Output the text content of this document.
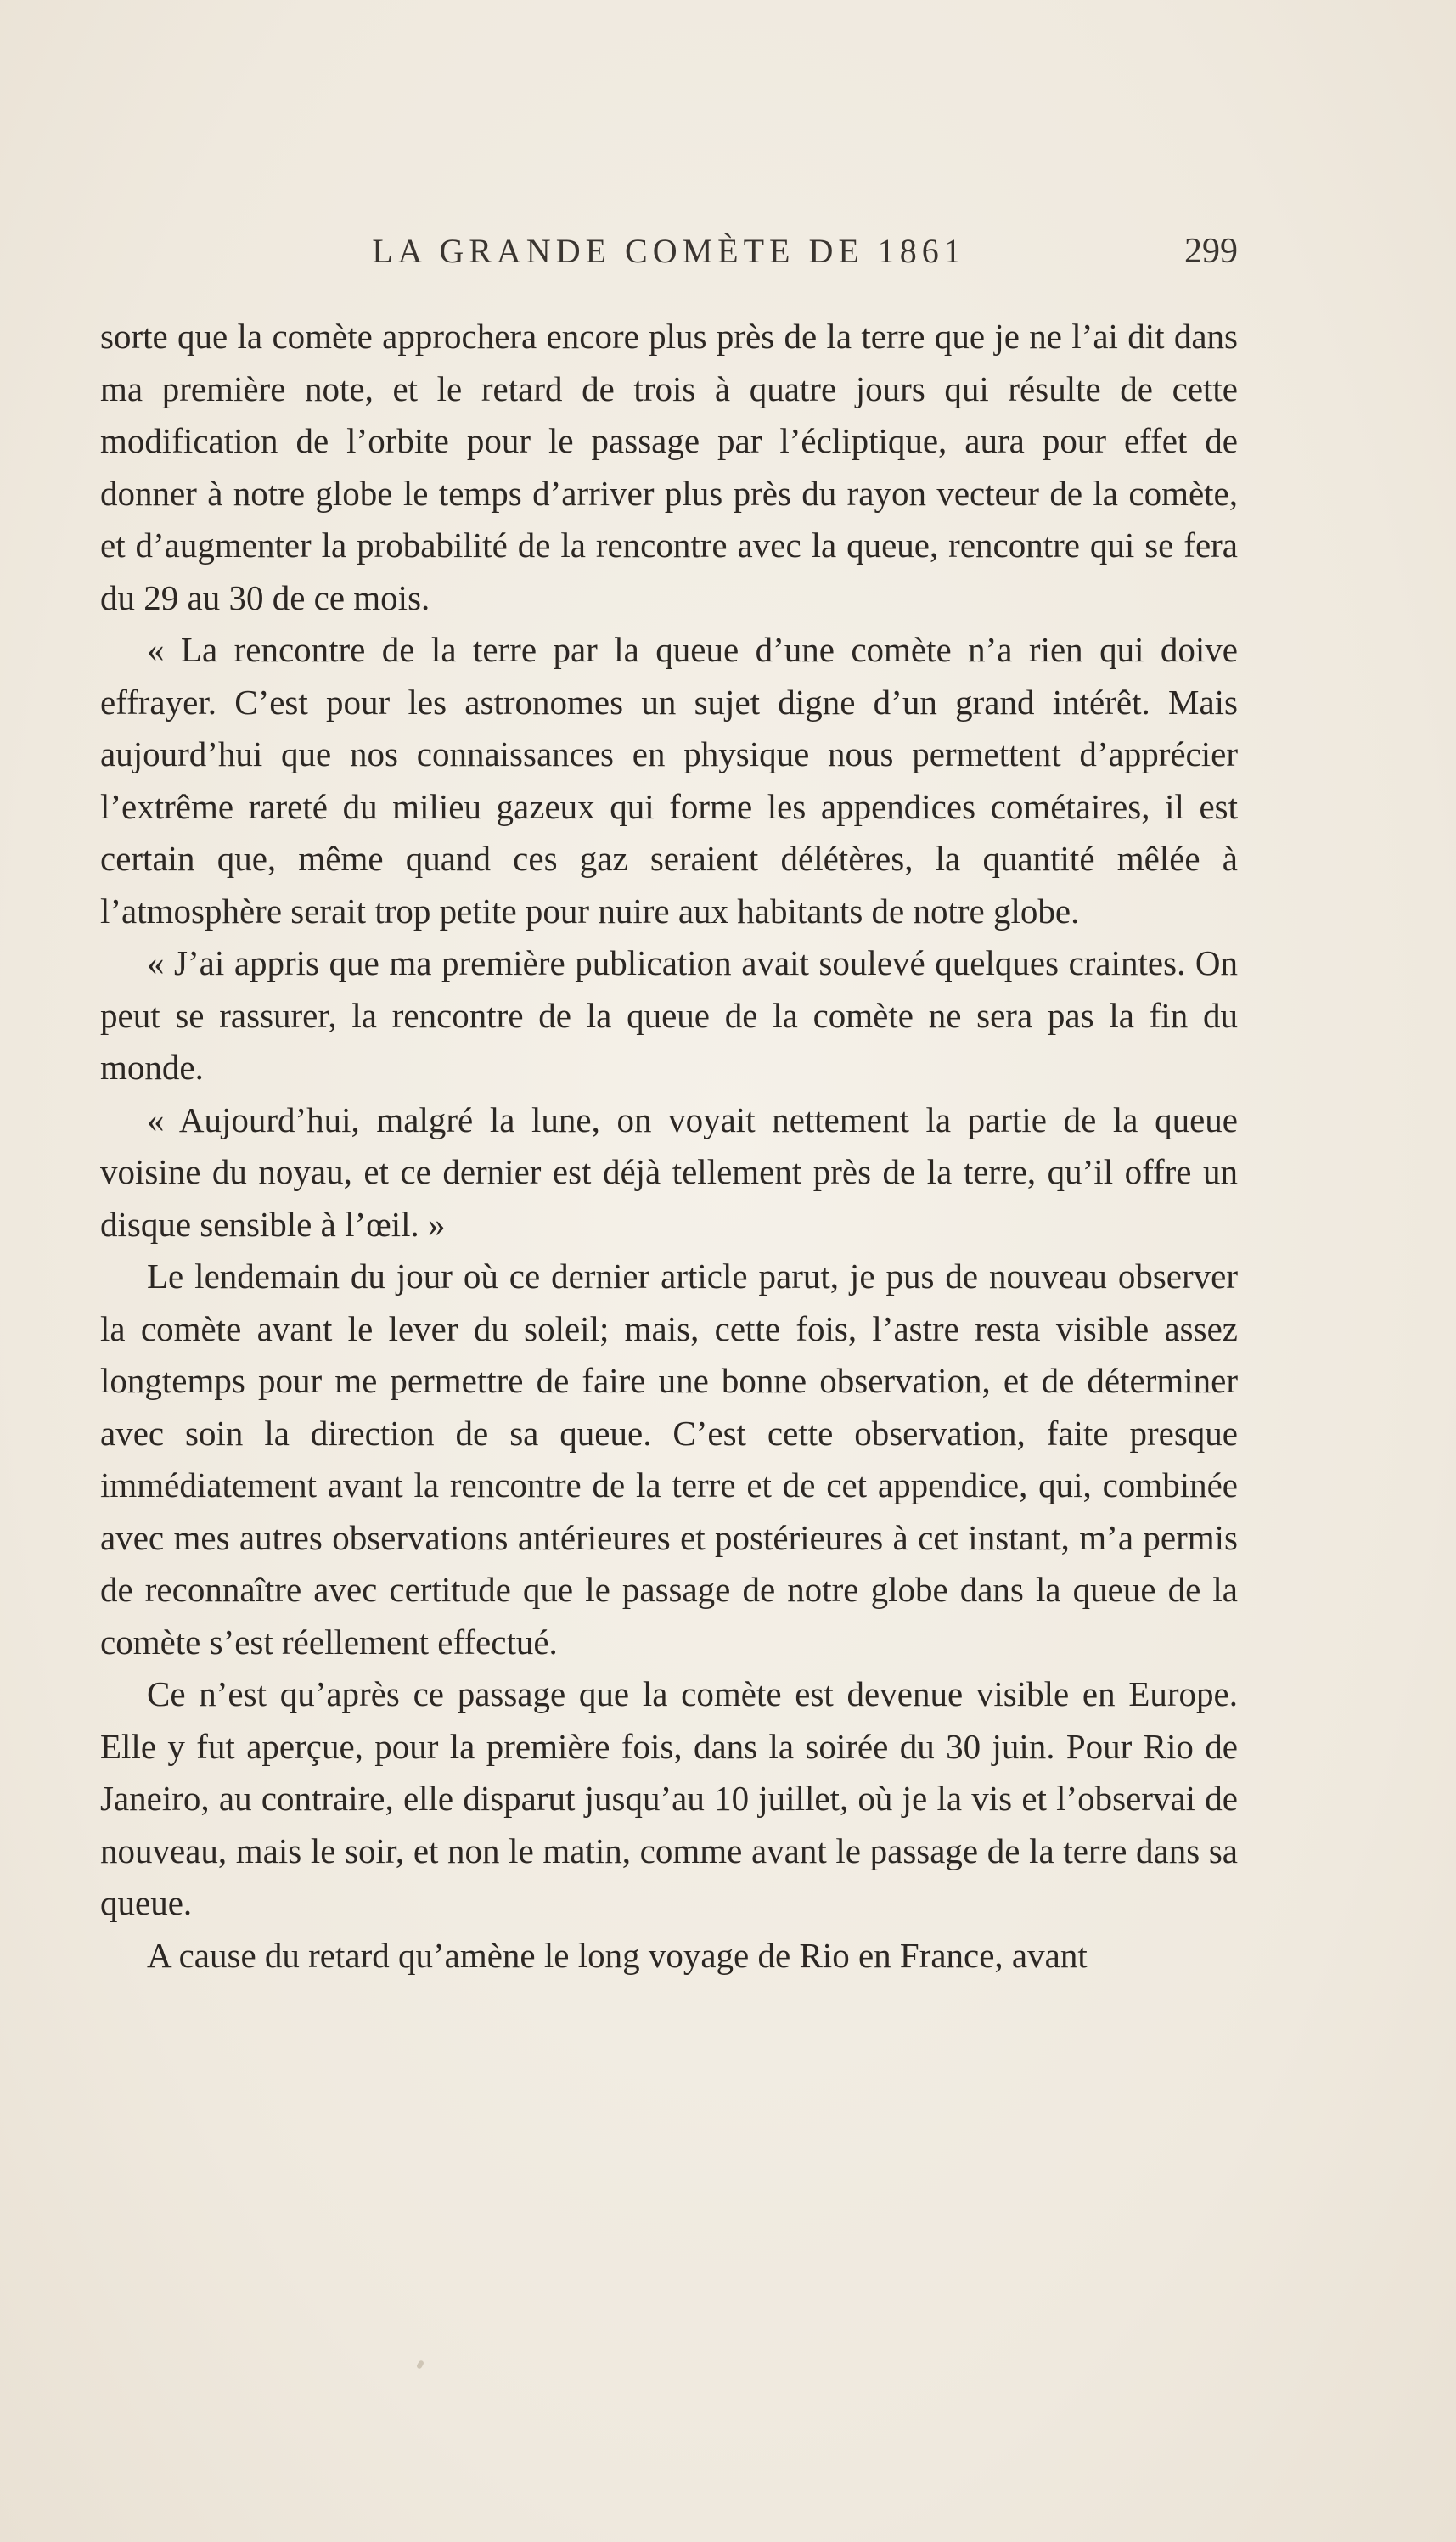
LA GRANDE COMÈTE DE 1861	299

sorte que la comète approchera encore plus près de la terre que je ne l’ai dit dans ma première note, et le retard de trois à quatre jours qui résulte de cette modification de l’orbite pour le passage par l’écliptique, aura pour effet de donner à notre globe le temps d’arriver plus près du rayon vecteur de la comète, et d’augmenter la probabilité de la rencontre avec la queue, rencontre qui se fera du 29 au 30 de ce mois.

« La rencontre de la terre par la queue d’une comète n’a rien qui doive effrayer. C’est pour les astronomes un sujet digne d’un grand intérêt. Mais aujourd’hui que nos connaissances en physique nous permettent d’apprécier l’extrême rareté du milieu gazeux qui forme les appendices cométaires, il est certain que, même quand ces gaz seraient délétères, la quantité mêlée à l’atmosphère serait trop petite pour nuire aux habitants de notre globe.

« J’ai appris que ma première publication avait soulevé quelques craintes. On peut se rassurer, la rencontre de la queue de la comète ne sera pas la fin du monde.

« Aujourd’hui, malgré la lune, on voyait nettement la partie de la queue voisine du noyau, et ce dernier est déjà tellement près de la terre, qu’il offre un disque sensible à l’œil. »

Le lendemain du jour où ce dernier article parut, je pus de nouveau observer la comète avant le lever du soleil; mais, cette fois, l’astre resta visible assez longtemps pour me permettre de faire une bonne observation, et de déterminer avec soin la direction de sa queue. C’est cette observation, faite presque immédiatement avant la rencontre de la terre et de cet appendice, qui, combinée avec mes autres observations antérieures et postérieures à cet instant, m’a permis de reconnaître avec certitude que le passage de notre globe dans la queue de la comète s’est réellement effectué.

Ce n’est qu’après ce passage que la comète est devenue visible en Europe. Elle y fut aperçue, pour la première fois, dans la soirée du 30 juin. Pour Rio de Janeiro, au contraire, elle disparut jusqu’au 10 juillet, où je la vis et l’observai de nouveau, mais le soir, et non le matin, comme avant le passage de la terre dans sa queue.

A cause du retard qu’amène le long voyage de Rio en France, avant
